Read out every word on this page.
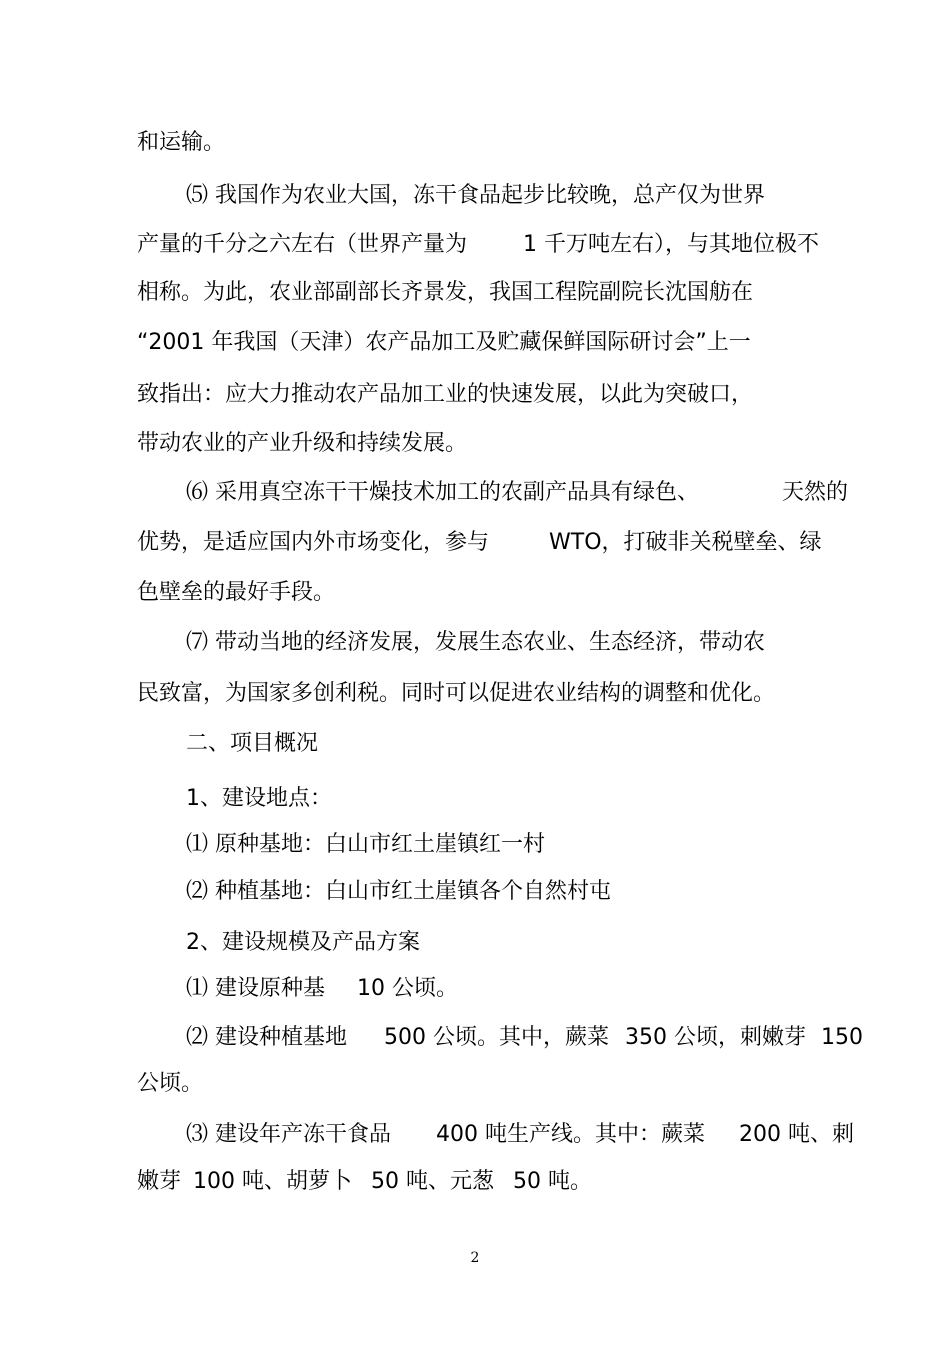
和运输。
⑸ 我国作为农业大国，冻干食品起步比较晚，总产仅为世界
产量的千分之六左右（世界产量为	1 千万吨左右），与其地位极不
相称。为此，农业部副部长齐景发，我国工程院副院长沈国舫在
“2001 年我国（天津）农产品加工及贮藏保鲜国际研讨会”上一
致指出：应大力推动农产品加工业的快速发展，以此为突破口，
带动农业的产业升级和持续发展。
⑹ 采用真空冻干干燥技术加工的农副产品具有绿色、	天然的
优势，是适应国内外市场变化，参与	WTO，打破非关税壁垒、绿
色壁垒的最好手段。
⑺ 带动当地的经济发展，发展生态农业、生态经济，带动农
民致富，为国家多创利税。同时可以促进农业结构的调整和优化。
二、项目概况
1、建设地点：
⑴ 原种基地：白山市红土崖镇红一村
⑵ 种植基地：白山市红土崖镇各个自然村屯
2、建设规模及产品方案
⑴ 建设原种基 10 公顷。
⑵ 建设种植基地 500 公顷。其中，蕨菜 350 公顷，刺嫩芽 150
公顷。
⑶ 建设年产冻干食品 400 吨生产线。其中：蕨菜 200 吨、刺
嫩芽 100 吨、胡萝卜 50 吨、元葱 50 吨。
2
